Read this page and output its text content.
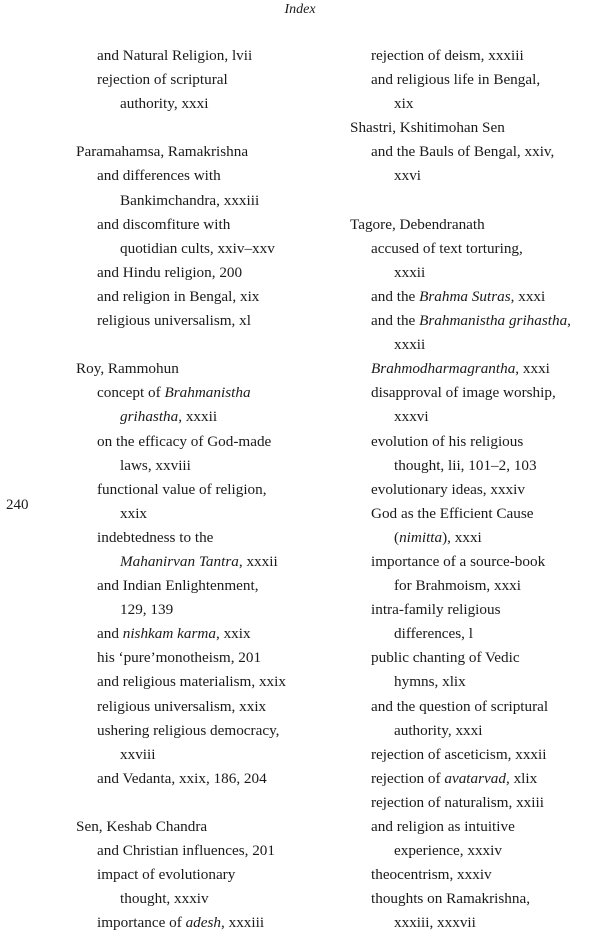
Index
240
and Natural Religion, lvii
rejection of scriptural
authority, xxxi
Paramahamsa, Ramakrishna
and differences with
Bankimchandra, xxxiii
and discomfiture with
quotidian cults, xxiv–xxv
and Hindu religion, 200
and religion in Bengal, xix
religious universalism, xl
Roy, Rammohun
concept of Brahmanistha
grihastha, xxxii
on the efficacy of God-made
laws, xxviii
functional value of religion,
xxix
indebtedness to the
Mahanirvan Tantra, xxxii
and Indian Enlightenment,
129, 139
and nishkam karma, xxix
his ‘pure’monotheism, 201
and religious materialism, xxix
religious universalism, xxix
ushering religious democracy,
xxviii
and Vedanta, xxix, 186, 204
Sen, Keshab Chandra
and Christian influences, 201
impact of evolutionary
thought, xxxiv
importance of adesh, xxxiii
rejection of deism, xxxiii
and religious life in Bengal,
xix
Shastri, Kshitimohan Sen
and the Bauls of Bengal, xxiv,
xxvi
Tagore, Debendranath
accused of text torturing,
xxxii
and the Brahma Sutras, xxxi
and the Brahmanistha grihastha,
xxxii
Brahmodharmagrantha, xxxi
disapproval of image worship,
xxxvi
evolution of his religious
thought, lii, 101–2, 103
evolutionary ideas, xxxiv
God as the Efficient Cause
(nimitta), xxxi
importance of a source-book
for Brahmoism, xxxi
intra-family religious
differences, l
public chanting of Vedic
hymns, xlix
and the question of scriptural
authority, xxxi
rejection of asceticism, xxxii
rejection of avatarvad, xlix
rejection of naturalism, xxiii
and religion as intuitive
experience, xxxiv
theocentrism, xxxiv
thoughts on Ramakrishna,
xxxiii, xxxvii
